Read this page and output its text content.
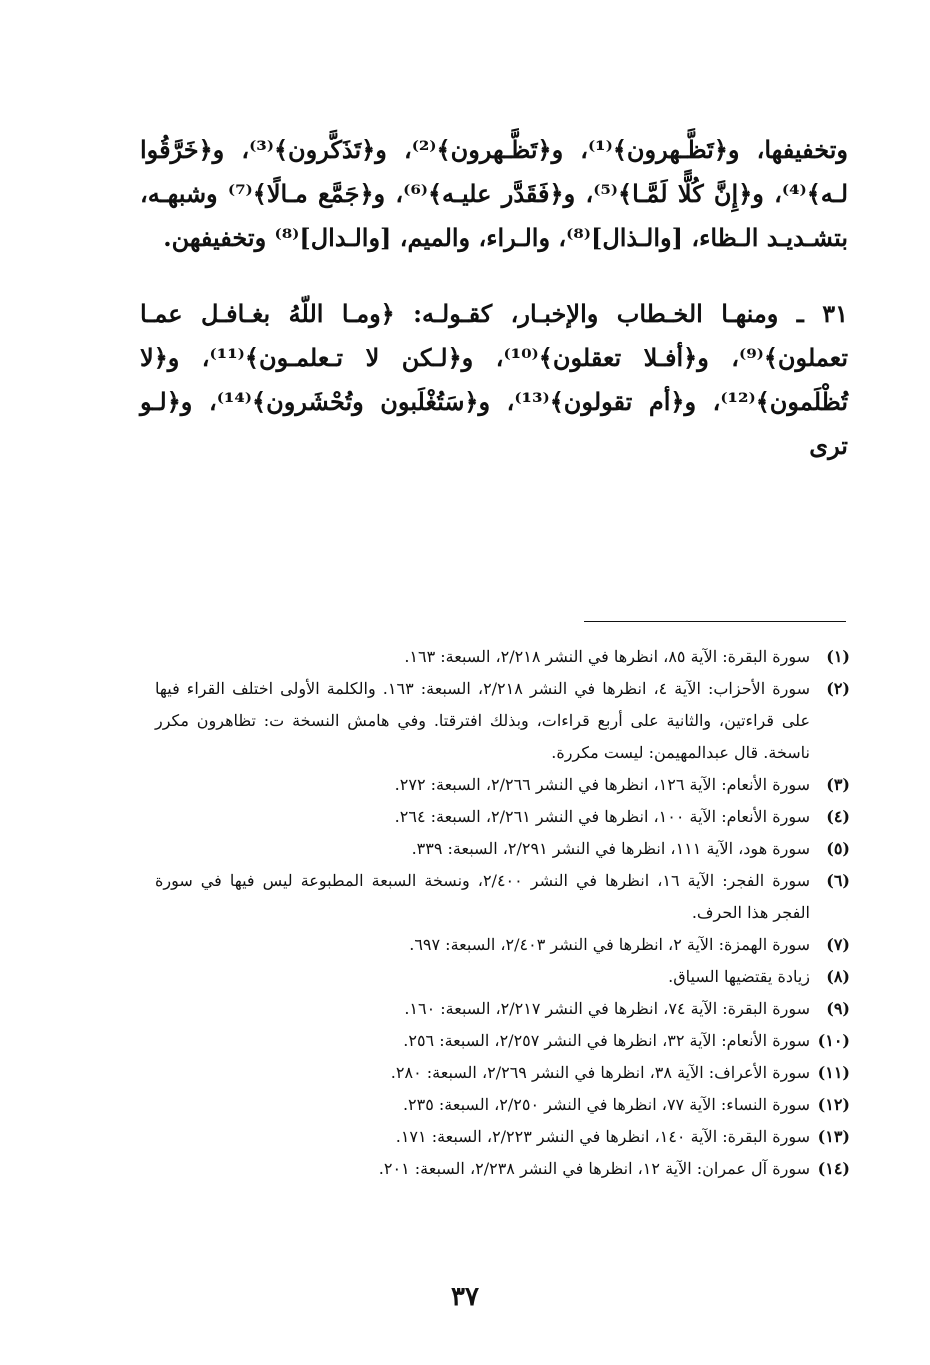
وتخفيفها، و﴿تَظَّـهرون﴾⁽¹⁾، و﴿تَظَّـهرون﴾⁽²⁾، و﴿تَذَكَّرون﴾⁽³⁾، و﴿خَرَّقُوا لـه﴾⁽⁴⁾، و﴿إِنَّ كُلًّا لَمَّـا﴾⁽⁵⁾، و﴿فَقَدَّر عليـه﴾⁽⁶⁾، و﴿جَمَّع مـالًا﴾⁽⁷⁾ وشبهـه، بتشـديـد الـظاء، [والـذال]⁽⁸⁾، والـراء، والميم، [والـدال]⁽⁸⁾ وتخفيفهن.

٣١ ـ ومنهـا الخـطاب والإخبـار، كقـولـه: ﴿ومـا اللّهُ بغـافـل عمـا تعملون﴾⁽⁹⁾، و﴿أفـلا تعقلون﴾⁽¹⁰⁾، و﴿لـكن لا تـعلمـون﴾⁽¹¹⁾، و﴿لا تُظْلَمون﴾⁽¹²⁾، و﴿أم تقولون﴾⁽¹³⁾، و﴿سَتُغْلَبون وتُحْشَرون﴾⁽¹⁴⁾، و﴿لـو ترى

(١)
سورة البقرة: الآية ٨٥، انظرها في النشر ٢/٢١٨، السبعة: ١٦٣.
(٢)
سورة الأحزاب: الآية ٤، انظرها في النشر ٢/٢١٨، السبعة: ١٦٣. والكلمة الأولى اختلف القراء فيها على قراءتين، والثانية على أربع قراءات، وبذلك افترقتا. وفي هامش النسخة ت: تظاهرون مكرر ناسخة. قال عبدالمهيمن: ليست مكررة.
(٣)
سورة الأنعام: الآية ١٢٦، انظرها في النشر ٢/٢٦٦، السبعة: ٢٧٢.
(٤)
سورة الأنعام: الآية ١٠٠، انظرها في النشر ٢/٢٦١، السبعة: ٢٦٤.
(٥)
سورة هود، الآية ١١١، انظرها في النشر ٢/٢٩١، السبعة: ٣٣٩.
(٦)
سورة الفجر: الآية ١٦، انظرها في النشر ٢/٤٠٠، ونسخة السبعة المطبوعة ليس فيها في سورة الفجر هذا الحرف.
(٧)
سورة الهمزة: الآية ٢، انظرها في النشر ٢/٤٠٣، السبعة: ٦٩٧.
(٨)
زيادة يقتضيها السياق.
(٩)
سورة البقرة: الآية ٧٤، انظرها في النشر ٢/٢١٧، السبعة: ١٦٠.
(١٠)
سورة الأنعام: الآية ٣٢، انظرها في النشر ٢/٢٥٧، السبعة: ٢٥٦.
(١١)
سورة الأعراف: الآية ٣٨، انظرها في النشر ٢/٢٦٩، السبعة: ٢٨٠.
(١٢)
سورة النساء: الآية ٧٧، انظرها في النشر ٢/٢٥٠، السبعة: ٢٣٥.
(١٣)
سورة البقرة: الآية ١٤٠، انظرها في النشر ٢/٢٢٣، السبعة: ١٧١.
(١٤)
سورة آل عمران: الآية ١٢، انظرها في النشر ٢/٢٣٨، السبعة: ٢٠١.
٣٧
